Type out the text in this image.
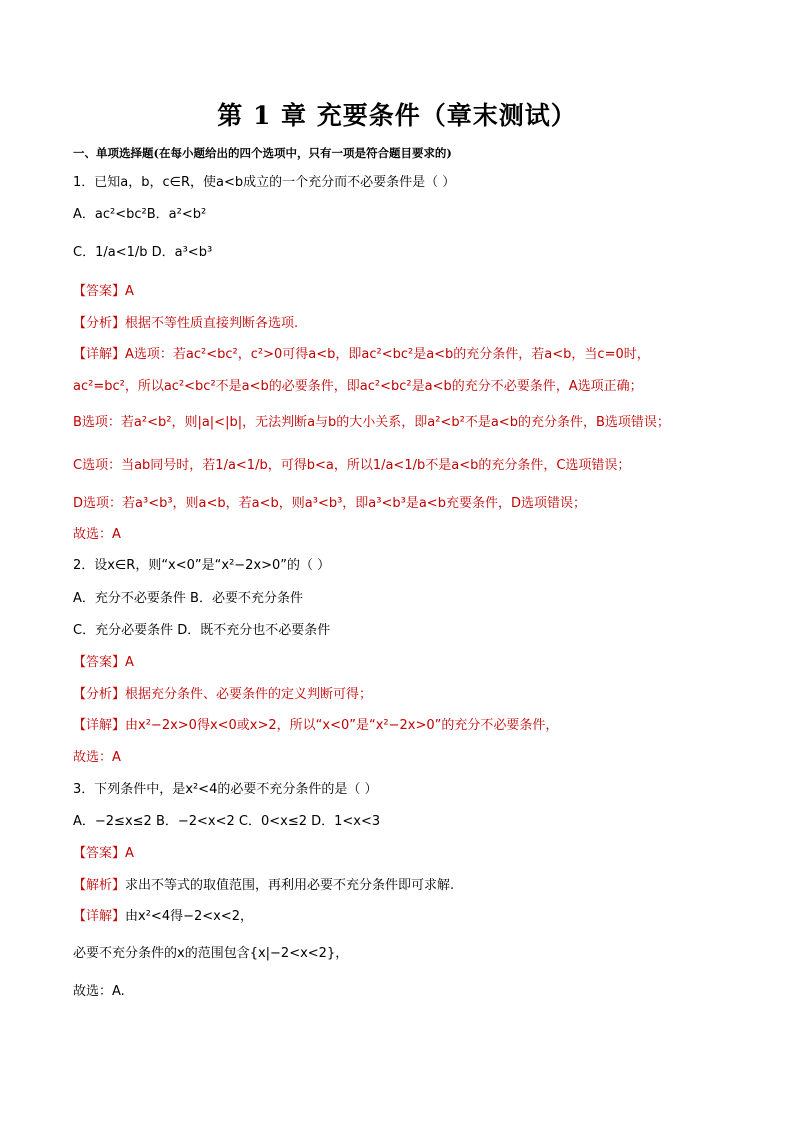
第 1 章 充要条件（章末测试）
一、单项选择题(在每小题给出的四个选项中，只有一项是符合题目要求的)
1．已知a，b，c∈R，使a<b成立的一个充分而不必要条件是（ ）
A．ac²<bc²B．a²<b²
C．1/a<1/b D．a³<b³
【答案】A
【分析】根据不等性质直接判断各选项.
【详解】A选项：若ac²<bc²，c²>0可得a<b，即ac²<bc²是a<b的充分条件，若a<b，当c=0时，
ac²=bc²，所以ac²<bc²不是a<b的必要条件，即ac²<bc²是a<b的充分不必要条件，A选项正确；
B选项：若a²<b²，则|a|<|b|，无法判断a与b的大小关系，即a²<b²不是a<b的充分条件，B选项错误；
C选项：当ab同号时，若1/a<1/b，可得b<a，所以1/a<1/b不是a<b的充分条件，C选项错误；
D选项：若a³<b³，则a<b，若a<b，则a³<b³，即a³<b³是a<b充要条件，D选项错误；
故选：A
2．设x∈R，则“x<0”是“x²−2x>0”的（ ）
A．充分不必要条件 B．必要不充分条件
C．充分必要条件 D．既不充分也不必要条件
【答案】A
【分析】根据充分条件、必要条件的定义判断可得；
【详解】由x²−2x>0得x<0或x>2，所以“x<0”是“x²−2x>0”的充分不必要条件，
故选：A
3．下列条件中，是x²<4的必要不充分条件的是（ ）
A．−2≤x≤2 B．−2<x<2 C．0<x≤2 D．1<x<3
【答案】A
【解析】求出不等式的取值范围，再利用必要不充分条件即可求解.
【详解】由x²<4得−2<x<2，
必要不充分条件的x的范围包含{x|−2<x<2}，
故选：A.
